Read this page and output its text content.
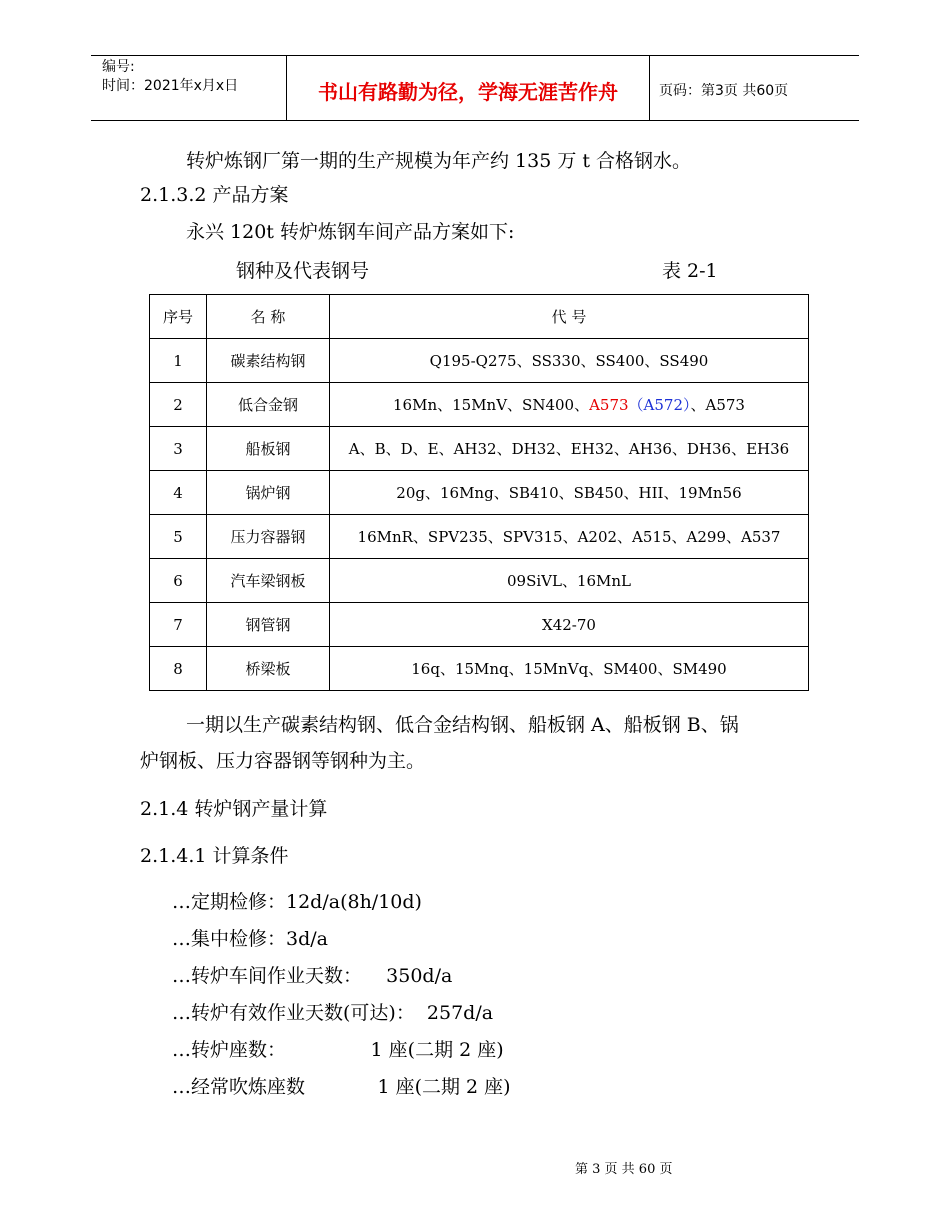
编号:
时间：2021年x月x日	书山有路勤为径，学海无涯苦作舟	页码：第3页 共60页
转炉炼钢厂第一期的生产规模为年产约 135 万 t 合格钢水。
2.1.3.2 产品方案
永兴 120t 转炉炼钢车间产品方案如下:
钢种及代表钢号	表 2-1
序号	名 称	代 号
1	碳素结构钢	Q195-Q275、SS330、SS400、SS490
2	低合金钢	16Mn、15MnV、SN400、A573（A572）、A573
3	船板钢	A、B、D、E、AH32、DH32、EH32、AH36、DH36、EH36
4	锅炉钢	20g、16Mng、SB410、SB450、HII、19Mn56
5	压力容器钢	16MnR、SPV235、SPV315、A202、A515、A299、A537
6	汽车梁钢板	09SiVL、16MnL
7	钢管钢	X42-70
8	桥梁板	16q、15Mnq、15MnVq、SM400、SM490
一期以生产碳素结构钢、低合金结构钢、船板钢 A、船板钢 B、锅
炉钢板、压力容器钢等钢种为主。
2.1.4 转炉钢产量计算
2.1.4.1 计算条件
…定期检修：12d/a(8h/10d)
…集中检修：3d/a
…转炉车间作业天数：    350d/a
…转炉有效作业天数(可达)：  257d/a
…转炉座数：              1 座(二期 2 座)
…经常吹炼座数            1 座(二期 2 座)
第 3 页 共 60 页
